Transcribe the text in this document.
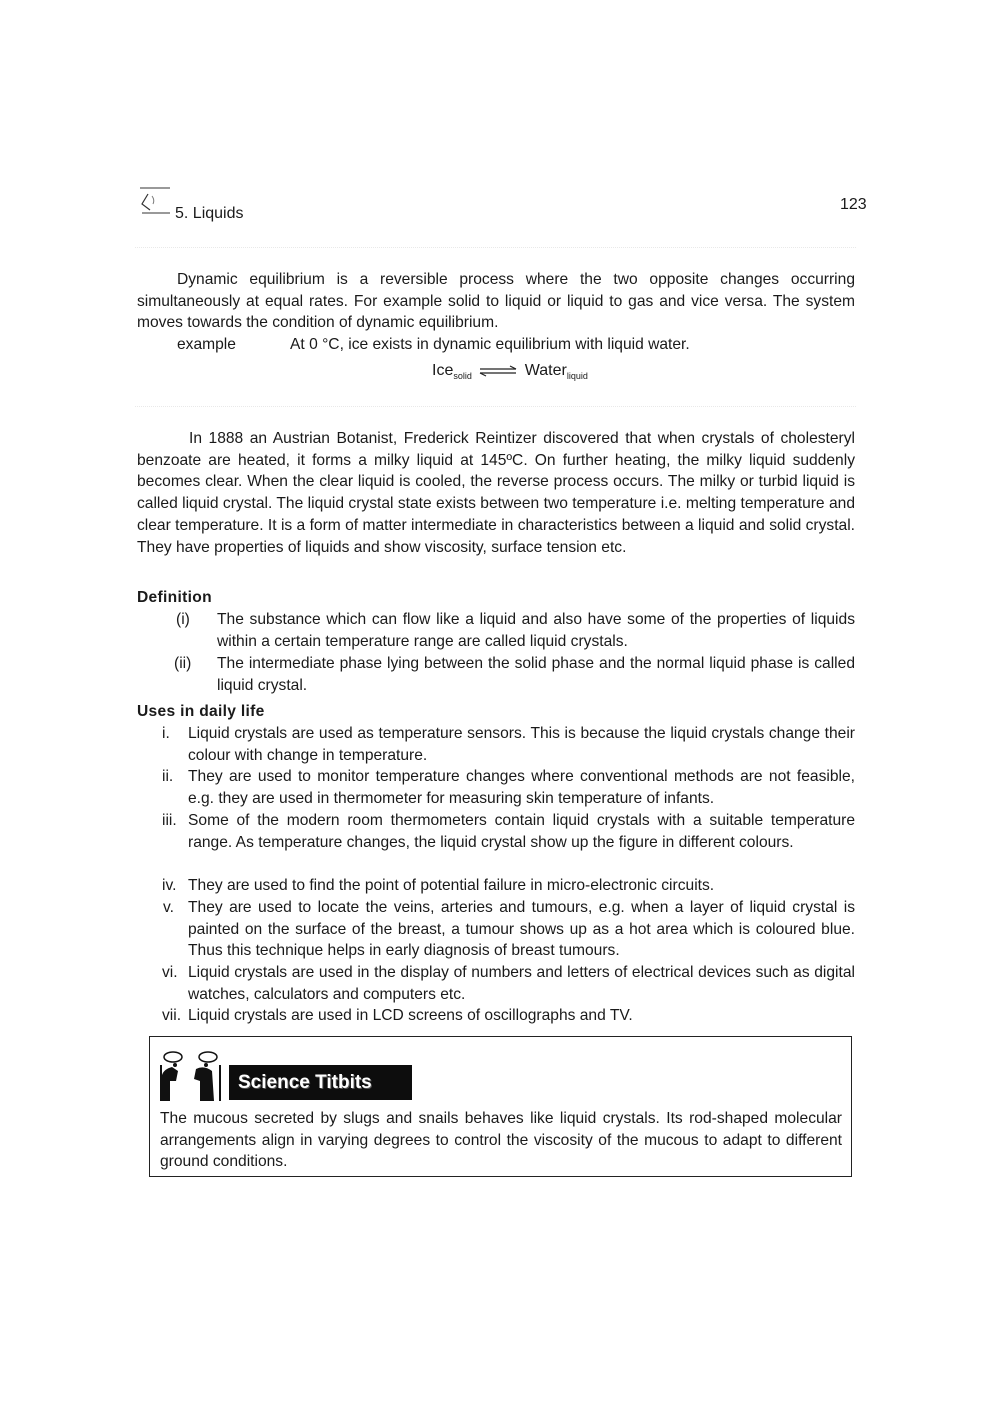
5. Liquids
123

Dynamic equilibrium is a reversible process where the two opposite changes occurring simultaneously at equal rates. For example solid to liquid or liquid to gas and vice versa. The system moves towards the condition of dynamic equilibrium.

example	At 0 °C, ice exists in dynamic equilibrium with liquid water.
Ice$_{solid}$ ⇌ Water$_{liquid}$

In 1888 an Austrian Botanist, Frederick Reintizer discovered that when crystals of cholesteryl benzoate are heated, it forms a milky liquid at 145ºC. On further heating, the milky liquid suddenly becomes clear. When the clear liquid is cooled, the reverse process occurs. The milky or turbid liquid is called liquid crystal. The liquid crystal state exists between two temperature i.e. melting temperature and clear temperature. It is a form of matter intermediate in characteristics between a liquid and solid crystal. They have properties of liquids and show viscosity, surface tension etc.

Definition
(i) The substance which can flow like a liquid and also have some of the properties of liquids within a certain temperature range are called liquid crystals.
(ii) The intermediate phase lying between the solid phase and the normal liquid phase is called liquid crystal.
Uses in daily life
i. Liquid crystals are used as temperature sensors. This is because the liquid crystals change their colour with change in temperature.
ii. They are used to monitor temperature changes where conventional methods are not feasible, e.g. they are used in thermometer for measuring skin temperature of infants.
iii. Some of the modern room thermometers contain liquid crystals with a suitable temperature range. As temperature changes, the liquid crystal show up the figure in different colours.
iv. They are used to find the point of potential failure in micro-electronic circuits.
v. They are used to locate the veins, arteries and tumours, e.g. when a layer of liquid crystal is painted on the surface of the breast, a tumour shows up as a hot area which is coloured blue. Thus this technique helps in early diagnosis of breast tumours.
vi. Liquid crystals are used in the display of numbers and letters of electrical devices such as digital watches, calculators and computers etc.
vii. Liquid crystals are used in LCD screens of oscillographs and TV.
Science Titbits

The mucous secreted by slugs and snails behaves like liquid crystals. Its rod-shaped molecular arrangements align in varying degrees to control the viscosity of the mucous to adapt to different ground conditions.
